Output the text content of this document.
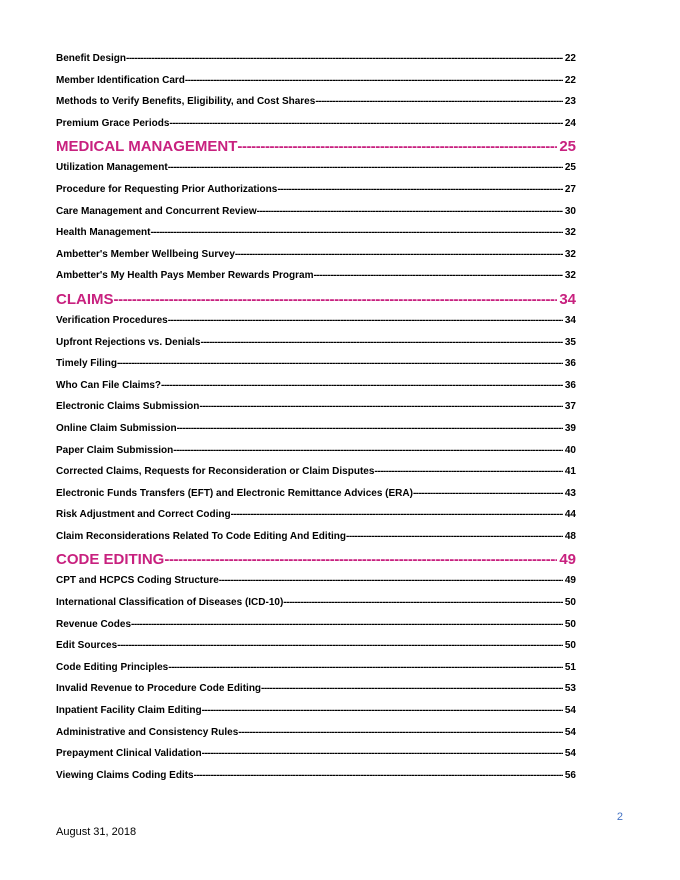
Benefit Design -----	22
Member Identification Card -----	22
Methods to Verify Benefits, Eligibility, and Cost Shares -----	23
Premium Grace Periods -----	24
MEDICAL MANAGEMENT -----	25
Utilization Management -----	25
Procedure for Requesting Prior Authorizations -----	27
Care Management and Concurrent Review -----	30
Health Management -----	32
Ambetter's Member Wellbeing Survey -----	32
Ambetter's My Health Pays Member Rewards Program -----	32
CLAIMS -----	34
Verification Procedures -----	34
Upfront Rejections vs. Denials -----	35
Timely Filing -----	36
Who Can File Claims? -----	36
Electronic Claims Submission -----	37
Online Claim Submission -----	39
Paper Claim Submission -----	40
Corrected Claims, Requests for Reconsideration or Claim Disputes -----	41
Electronic Funds Transfers (EFT) and Electronic Remittance Advices (ERA) -----	43
Risk Adjustment and Correct Coding -----	44
Claim Reconsiderations Related To Code Editing And Editing -----	48
CODE EDITING -----	49
CPT and HCPCS Coding Structure -----	49
International Classification of Diseases (ICD-10) -----	50
Revenue Codes -----	50
Edit Sources -----	50
Code Editing Principles -----	51
Invalid Revenue to Procedure Code Editing -----	53
Inpatient Facility Claim Editing -----	54
Administrative and Consistency Rules -----	54
Prepayment Clinical Validation -----	54
Viewing Claims Coding Edits -----	56
2
August 31, 2018
